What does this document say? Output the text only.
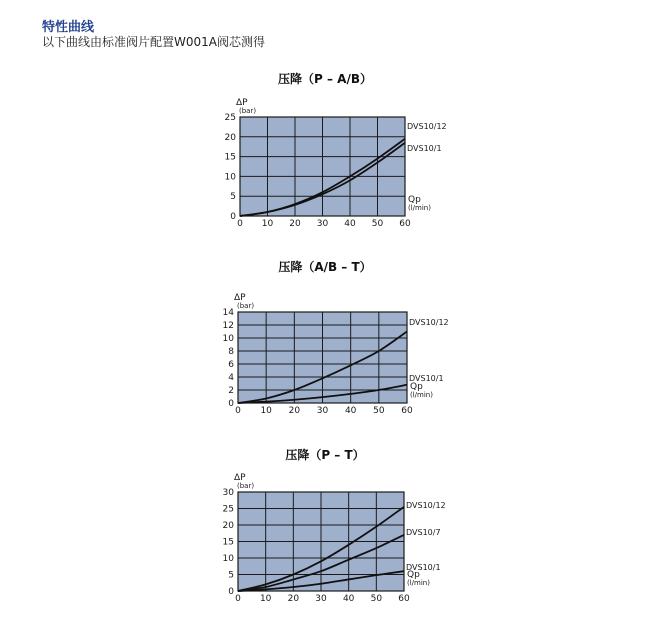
特性曲线
以下曲线由标准阀片配置W001A阀芯测得
压降（P – A/B）
0 10 20 30 40 50 60
0
5
10
15
20
25
ΔP
(bar)
Qp
(l/min)
DVS10/12
DVS10/1
压降（A/B – T）
0 10 20 30 40 50 60
0
2
4
6
8
10
12
14
ΔP
(bar)
Qp
(l/min)
DVS10/12
DVS10/1
压降（P – T）
0 10 20 30 40 50 60
0
5
10
15
20
25
30
ΔP
(bar)
Qp
(l/min)
DVS10/12
DVS10/7
DVS10/1
